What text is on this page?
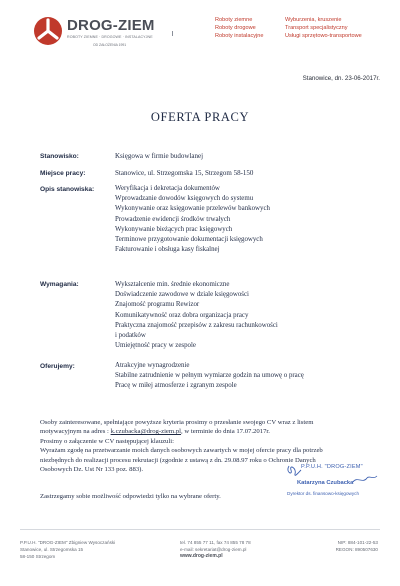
DROG-ZIEM
ROBOTY ZIEMNE · DROGOWE · INSTALACYJNE
OD ZAŁOŻENIA 1991
Roboty ziemne
Roboty drogowe
Roboty instalacyjne
Wyburzenia, kruszenie
Transport specjalistyczny
Usługi sprzętowo-transportowe
Stanowice, dn. 23-06-2017r.
OFERTA PRACY
Stanowisko:	Księgowa w firmie budowlanej
Miejsce pracy:	Stanowice, ul. Strzegomska 15, Strzegom 58-150
Opis stanowiska:	Weryfikacja i dekretacja dokumentów
Wprowadzanie dowodów księgowych do systemu
Wykonywanie oraz księgowanie przelewów bankowych
Prowadzenie ewidencji środków trwałych
Wykonywanie bieżących prac księgowych
Terminowe przygotowanie dokumentacji księgowych
Fakturowanie i obsługa kasy fiskalnej
Wymagania:	Wykształcenie min. średnie ekonomiczne
Doświadczenie zawodowe w dziale księgowości
Znajomość programu Rewizor
Komunikatywność oraz dobra organizacja pracy
Praktyczna znajomość przepisów z zakresu rachunkowości
i podatków
Umiejętność pracy w zespole
Oferujemy:	Atrakcyjne wynagrodzenie
Stabilne zatrudnienie w pełnym wymiarze godzin na umowę o pracę
Pracę w miłej atmosferze i zgranym zespole
Osoby zainteresowane, spełniające powyższe kryteria prosimy o przesłanie swojego CV wraz z listem
motywacyjnym na adres : k.czubacka@drog-ziem.pl, w terminie do dnia 17.07.2017r.
Prosimy o załączenie w CV następującej klauzuli:
Wyrażam zgodę na przetwarzanie moich danych osobowych zawartych w mojej ofercie pracy dla potrzeb
niezbędnych do realizacji procesu rekrutacji (zgodnie z ustawą z dn. 29.08.97 roku o Ochronie Danych
Osobowych Dz. Ust Nr 133 poz. 883).
Zastrzegamy sobie możliwość odpowiedzi tylko na wybrane oferty.
P.P.U.H. "DROG-ZIEM"
Katarzyna Czubacka
Dyrektor ds. finansowo-księgowych
P.P.U.H. "DROG-ZIEM" Zbigniew Wysoczański
Stanowice, ul. Strzegomska 15
58-150 Strzegom
tel. 74 855 77 11, fax 74 855 78 78
e-mail: sekretariat@drog-ziem.pl
www.drog-ziem.pl
NIP: 884-101-22-53
REGON: 890507630
